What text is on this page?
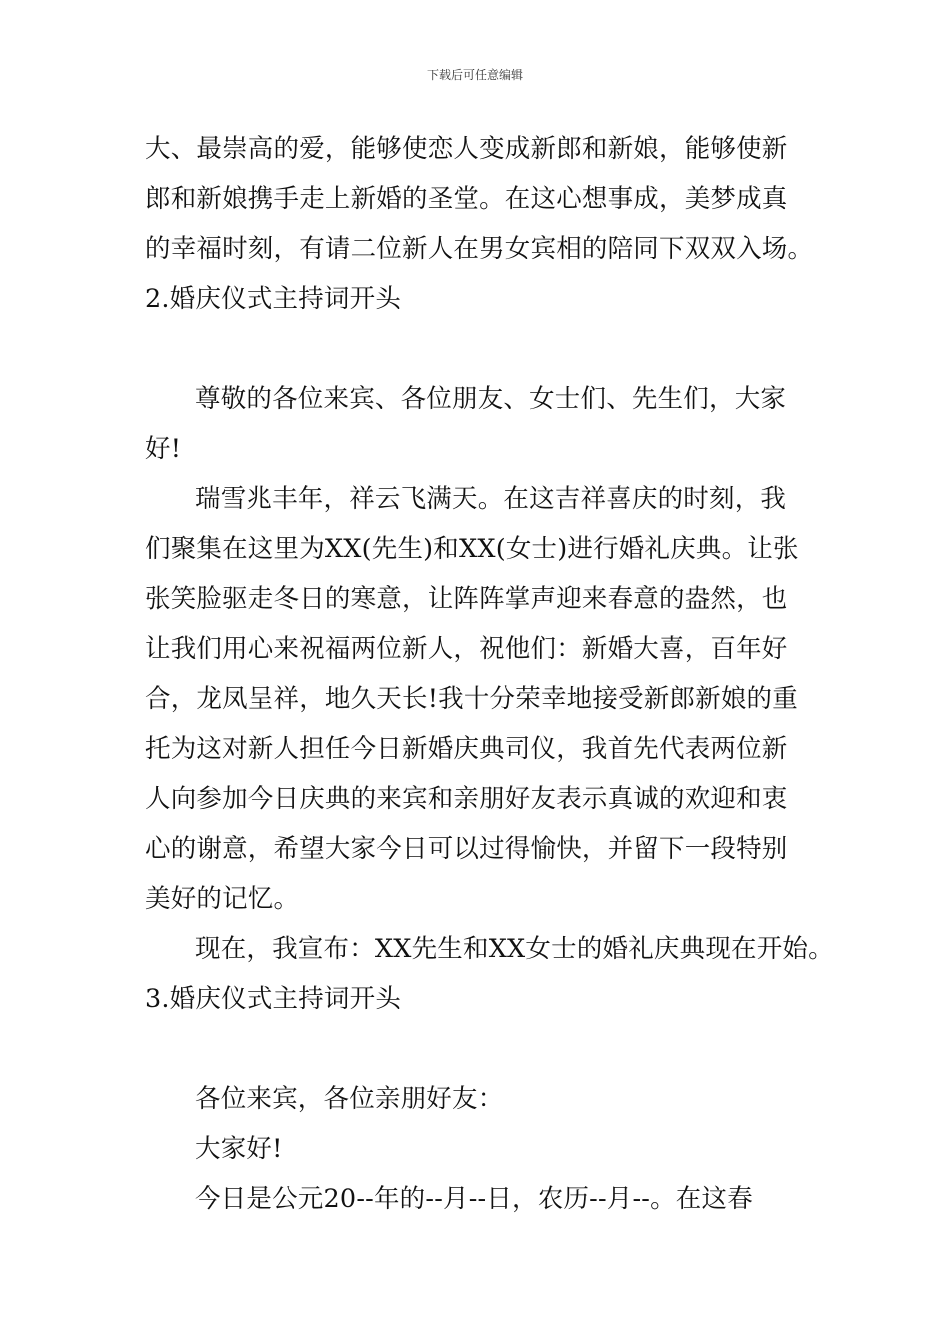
下载后可任意编辑
大、最崇高的爱，能够使恋人变成新郎和新娘，能够使新
郎和新娘携手走上新婚的圣堂。在这心想事成，美梦成真
的幸福时刻，有请二位新人在男女宾相的陪同下双双入场。
2.婚庆仪式主持词开头
尊敬的各位来宾、各位朋友、女士们、先生们，大家
好!
瑞雪兆丰年，祥云飞满天。在这吉祥喜庆的时刻，我
们聚集在这里为XX(先生)和XX(女士)进行婚礼庆典。让张
张笑脸驱走冬日的寒意，让阵阵掌声迎来春意的盎然，也
让我们用心来祝福两位新人，祝他们：新婚大喜，百年好
合，龙凤呈祥，地久天长!我十分荣幸地接受新郎新娘的重
托为这对新人担任今日新婚庆典司仪，我首先代表两位新
人向参加今日庆典的来宾和亲朋好友表示真诚的欢迎和衷
心的谢意，希望大家今日可以过得愉快，并留下一段特别
美好的记忆。
现在，我宣布：XX先生和XX女士的婚礼庆典现在开始。
3.婚庆仪式主持词开头
各位来宾，各位亲朋好友：
大家好!
今日是公元20--年的--月--日，农历--月--。在这春
